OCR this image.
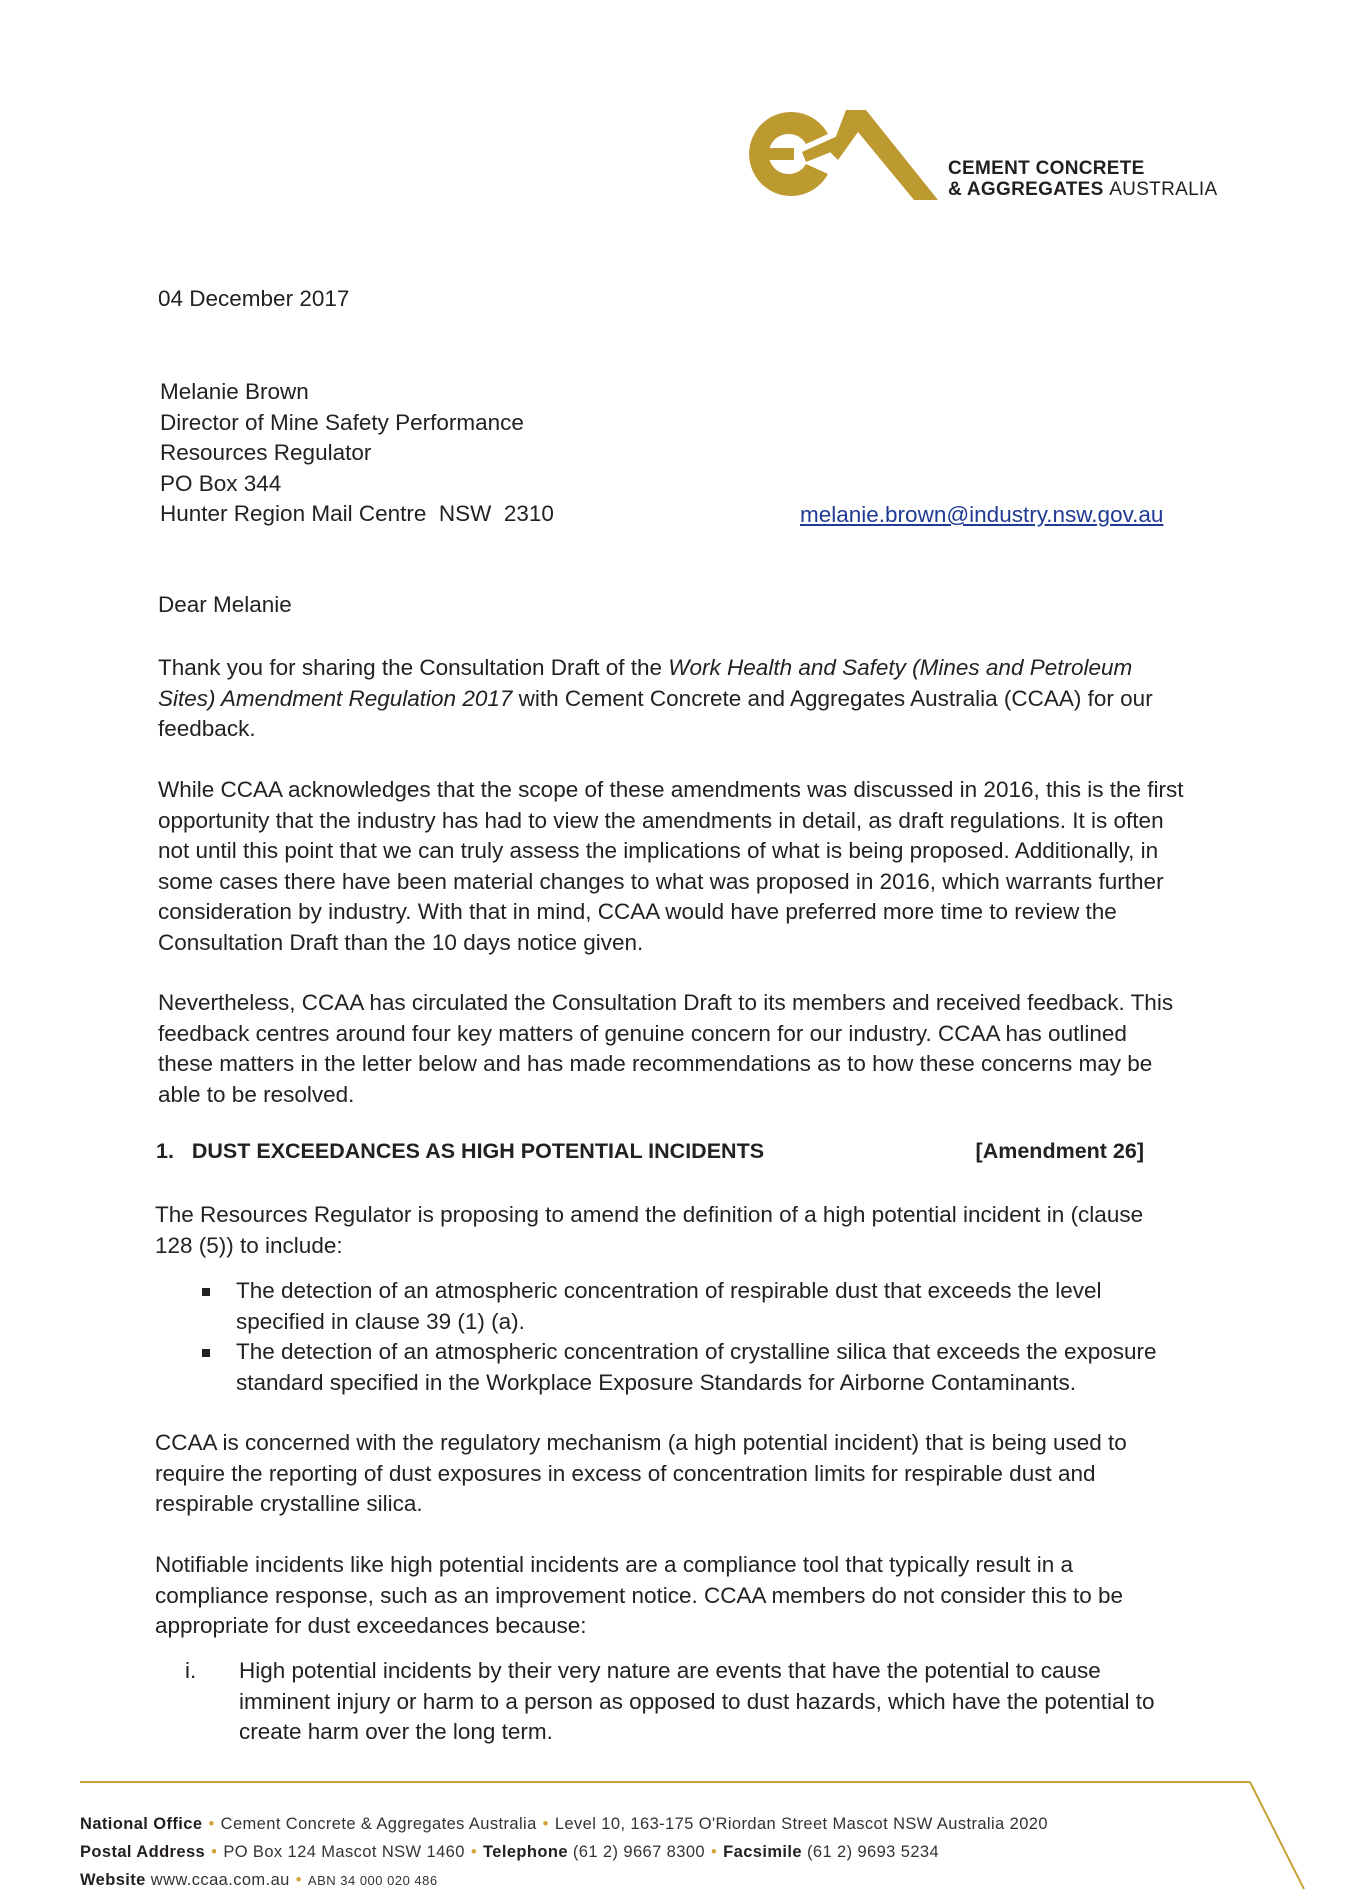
CEMENT CONCRETE
& AGGREGATES AUSTRALIA
04 December 2017
Melanie Brown
Director of Mine Safety Performance
Resources Regulator
PO Box 344
Hunter Region Mail Centre  NSW  2310	melanie.brown@industry.nsw.gov.au
Dear Melanie
Thank you for sharing the Consultation Draft of the Work Health and Safety (Mines and Petroleum Sites) Amendment Regulation 2017 with Cement Concrete and Aggregates Australia (CCAA) for our feedback.
While CCAA acknowledges that the scope of these amendments was discussed in 2016, this is the first opportunity that the industry has had to view the amendments in detail, as draft regulations. It is often not until this point that we can truly assess the implications of what is being proposed. Additionally, in some cases there have been material changes to what was proposed in 2016, which warrants further consideration by industry. With that in mind, CCAA would have preferred more time to review the Consultation Draft than the 10 days notice given.
Nevertheless, CCAA has circulated the Consultation Draft to its members and received feedback. This feedback centres around four key matters of genuine concern for our industry. CCAA has outlined these matters in the letter below and has made recommendations as to how these concerns may be able to be resolved.
1.   DUST EXCEEDANCES AS HIGH POTENTIAL INCIDENTS	[Amendment 26]
The Resources Regulator is proposing to amend the definition of a high potential incident in (clause 128 (5)) to include:
The detection of an atmospheric concentration of respirable dust that exceeds the level specified in clause 39 (1) (a).
The detection of an atmospheric concentration of crystalline silica that exceeds the exposure standard specified in the Workplace Exposure Standards for Airborne Contaminants.
CCAA is concerned with the regulatory mechanism (a high potential incident) that is being used to require the reporting of dust exposures in excess of concentration limits for respirable dust and respirable crystalline silica.
Notifiable incidents like high potential incidents are a compliance tool that typically result in a compliance response, such as an improvement notice. CCAA members do not consider this to be appropriate for dust exceedances because:
i. High potential incidents by their very nature are events that have the potential to cause imminent injury or harm to a person as opposed to dust hazards, which have the potential to create harm over the long term.
National Office • Cement Concrete & Aggregates Australia • Level 10, 163-175 O'Riordan Street Mascot NSW Australia 2020
Postal Address • PO Box 124 Mascot NSW 1460 • Telephone (61 2) 9667 8300 • Facsimile (61 2) 9693 5234
Website www.ccaa.com.au • ABN 34 000 020 486
